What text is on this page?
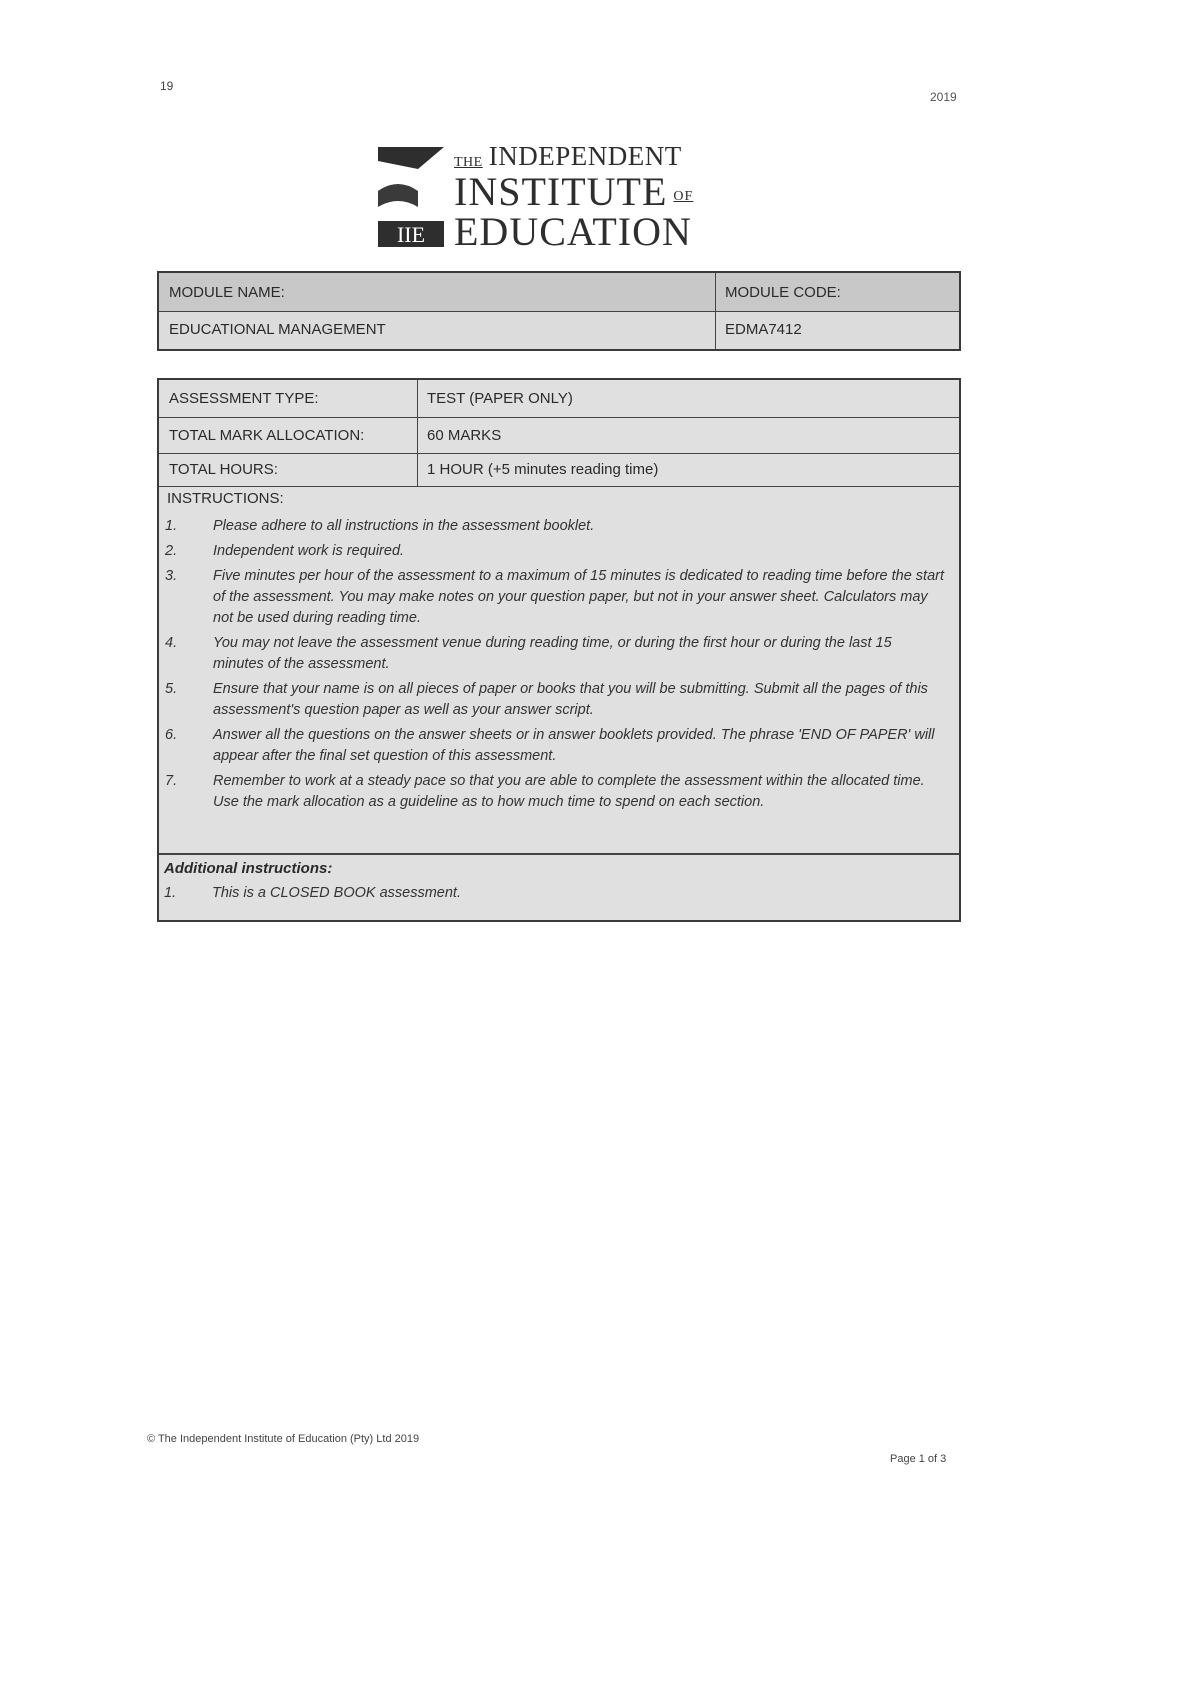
19
2019
IIE
THE INDEPENDENT
INSTITUTE OF
EDUCATION
MODULE NAME:	MODULE CODE:
EDUCATIONAL MANAGEMENT	EDMA7412
ASSESSMENT TYPE:	TEST (PAPER ONLY)
TOTAL MARK ALLOCATION:	60 MARKS
TOTAL HOURS:	1 HOUR (+5 minutes reading time)
INSTRUCTIONS:
1.	Please adhere to all instructions in the assessment booklet.
2.	Independent work is required.
3.	Five minutes per hour of the assessment to a maximum of 15 minutes is dedicated to reading time before the start of the assessment. You may make notes on your question paper, but not in your answer sheet. Calculators may not be used during reading time.
4.	You may not leave the assessment venue during reading time, or during the first hour or during the last 15 minutes of the assessment.
5.	Ensure that your name is on all pieces of paper or books that you will be submitting. Submit all the pages of this assessment's question paper as well as your answer script.
6.	Answer all the questions on the answer sheets or in answer booklets provided. The phrase 'END OF PAPER' will appear after the final set question of this assessment.
7.	Remember to work at a steady pace so that you are able to complete the assessment within the allocated time. Use the mark allocation as a guideline as to how much time to spend on each section.
Additional instructions:
1.	This is a CLOSED BOOK assessment.
© The Independent Institute of Education (Pty) Ltd 2019
Page 1 of 3
